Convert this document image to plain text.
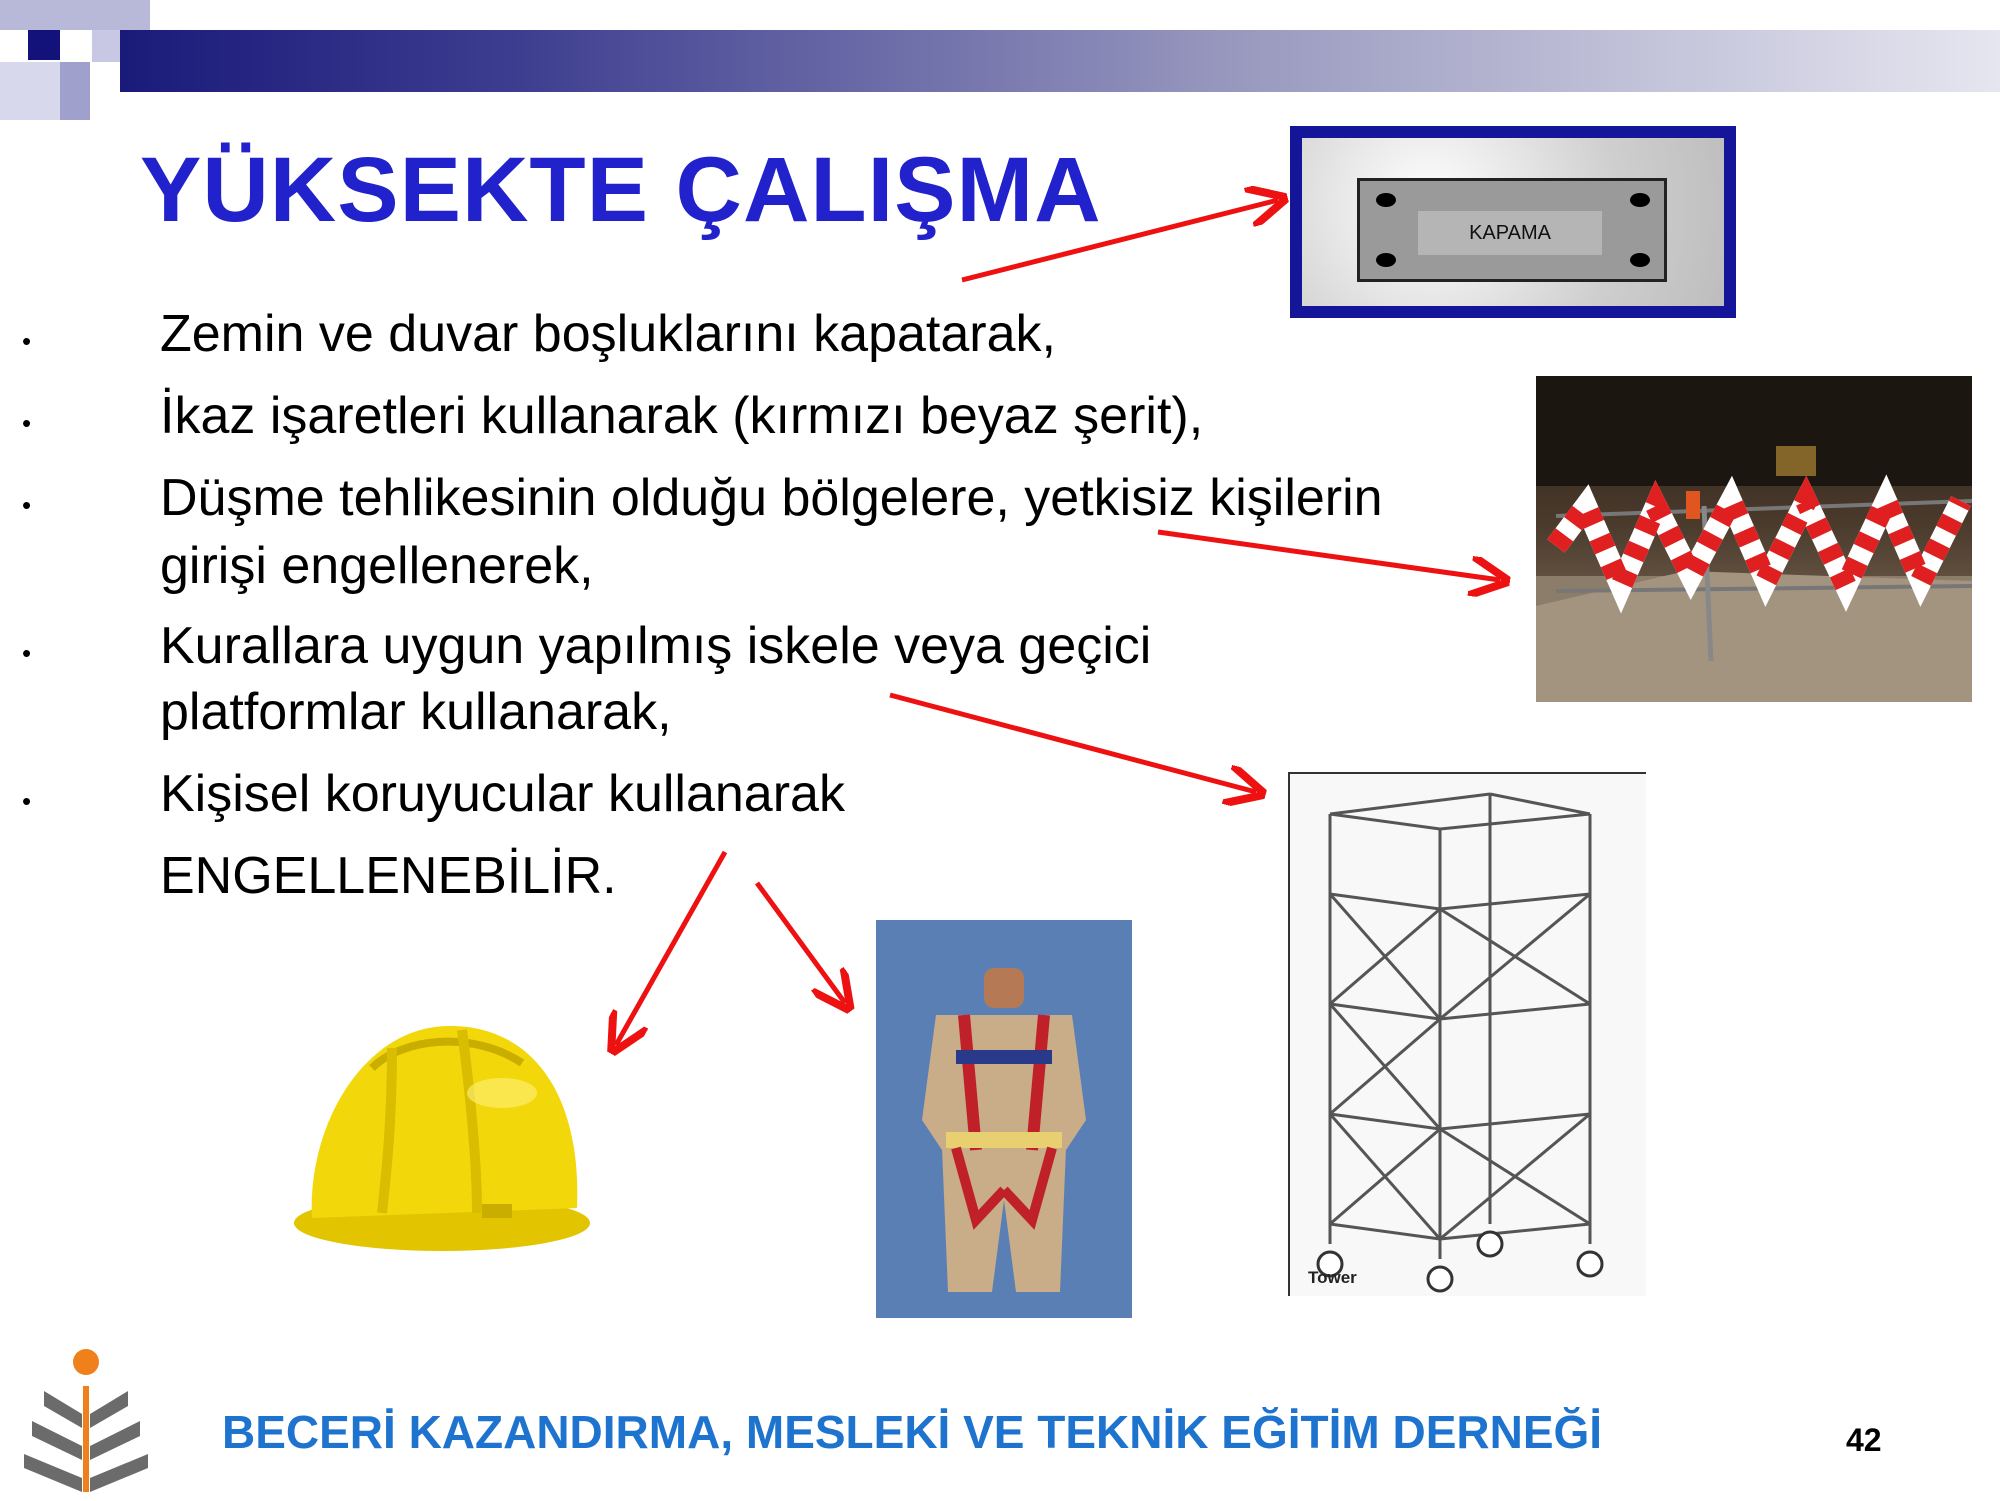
YÜKSEKTE ÇALIŞMA
• Zemin ve duvar boşluklarını kapatarak,
• İkaz işaretleri kullanarak (kırmızı beyaz şerit),
• Düşme tehlikesinin olduğu bölgelere, yetkisiz kişilerin
girişi engellenerek,
• Kurallara uygun yapılmış iskele veya geçici
platformlar kullanarak,
• Kişisel koruyucular kullanarak
ENGELLENEBİLİR.
KAPAMA
Tower
BECERİ KAZANDIRMA, MESLEKİ VE TEKNİK EĞİTİM DERNEĞİ	42
